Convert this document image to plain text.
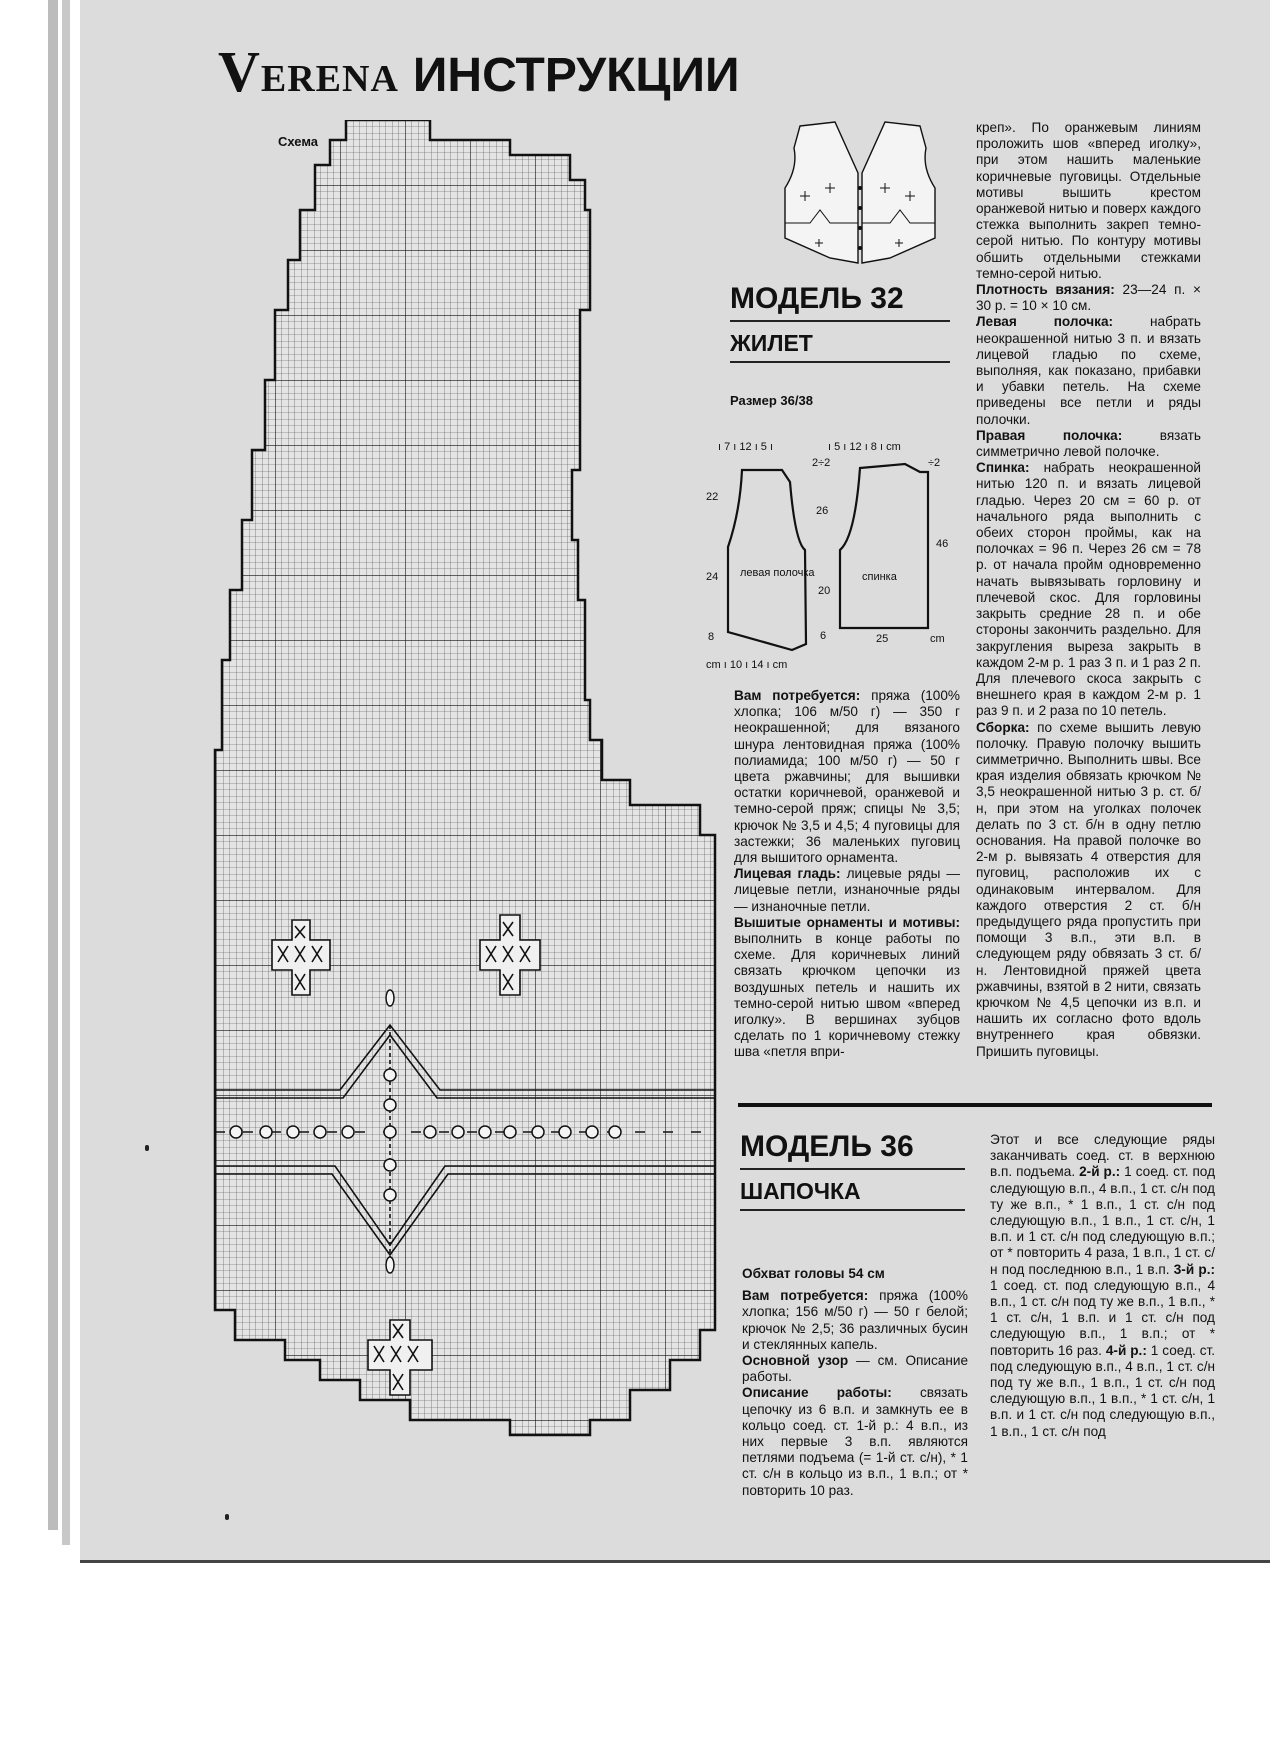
VERENA ИНСТРУКЦИИ
Схема
МОДЕЛЬ 32
ЖИЛЕТ
Размер 36/38
ı 7 ı 12 ı 5 ı	ı 5 ı 12 ı 8 ı cm
2÷2	÷2
22
24
8
26
20
6
46
25	cm
cm ı 10 ı 14 ı cm
левая полочка	спинка

Вам потребуется: пряжа (100% хлопка; 106 м/50 г) — 350 г неокрашенной; для вязаного шнура лентовидная пряжа (100% полиамида; 100 м/50 г) — 50 г цвета ржавчины; для вышивки остатки коричневой, оранжевой и темно-серой пряж; спицы № 3,5; крючок № 3,5 и 4,5; 4 пуговицы для застежки; 36 маленьких пуговиц для вышитого орнамента.

Лицевая гладь: лицевые ряды — лицевые петли, изнаночные ряды — изнаночные петли.

Вышитые орнаменты и мотивы: выполнить в конце работы по схеме. Для коричневых линий связать крючком цепочки из воздушных петель и нашить их темно-серой нитью швом «вперед иголку». В вершинах зубцов сделать по 1 коричневому стежку шва «петля впри-

креп». По оранжевым линиям проложить шов «вперед иголку», при этом нашить маленькие коричневые пуговицы. Отдельные мотивы вышить крестом оранжевой нитью и поверх каждого стежка выполнить закреп темно-серой нитью. По контуру мотивы обшить отдельными стежками темно-серой нитью.

Плотность вязания: 23—24 п. × 30 р. = 10 × 10 см.

Левая полочка: набрать неокрашенной нитью 3 п. и вязать лицевой гладью по схеме, выполняя, как показано, прибавки и убавки петель. На схеме приведены все петли и ряды полочки.

Правая полочка: вязать симметрично левой полочке.

Спинка: набрать неокрашенной нитью 120 п. и вязать лицевой гладью. Через 20 см = 60 р. от начального ряда выполнить с обеих сторон проймы, как на полочках = 96 п. Через 26 см = 78 р. от начала пройм одновременно начать вывязывать горловину и плечевой скос. Для горловины закрыть средние 28 п. и обе стороны закончить раздельно. Для закругления выреза закрыть в каждом 2-м р. 1 раз 3 п. и 1 раз 2 п. Для плечевого скоса закрыть с внешнего края в каждом 2-м р. 1 раз 9 п. и 2 раза по 10 петель.

Сборка: по схеме вышить левую полочку. Правую полочку вышить симметрично. Выполнить швы. Все края изделия обвязать крючком № 3,5 неокрашенной нитью 3 р. ст. б/н, при этом на уголках полочек делать по 3 ст. б/н в одну петлю основания. На правой полочке во 2-м р. вывязать 4 отверстия для пуговиц, расположив их с одинаковым интервалом. Для каждого отверстия 2 ст. б/н предыдущего ряда пропустить при помощи 3 в.п., эти в.п. в следующем ряду обвязать 3 ст. б/н. Лентовидной пряжей цвета ржавчины, взятой в 2 нити, связать крючком № 4,5 цепочки из в.п. и нашить их согласно фото вдоль внутреннего края обвязки. Пришить пуговицы.

МОДЕЛЬ 36
ШАПОЧКА

Обхват головы 54 см

Вам потребуется: пряжа (100% хлопка; 156 м/50 г) — 50 г белой; крючок № 2,5; 36 различных бусин и стеклянных капель.

Основной узор — см. Описание работы.

Описание работы: связать цепочку из 6 в.п. и замкнуть ее в кольцо соед. ст. 1-й р.: 4 в.п., из них первые 3 в.п. являются петлями подъема (= 1-й ст. с/н), * 1 ст. с/н в кольцо из в.п., 1 в.п.; от * повторить 10 раз.

Этот и все следующие ряды заканчивать соед. ст. в верхнюю в.п. подъема. 2-й р.: 1 соед. ст. под следующую в.п., 4 в.п., 1 ст. с/н под ту же в.п., * 1 в.п., 1 ст. с/н под следующую в.п., 1 в.п., 1 ст. с/н, 1 в.п. и 1 ст. с/н под следующую в.п.; от * повторить 4 раза, 1 в.п., 1 ст. с/н под последнюю в.п., 1 в.п. 3-й р.: 1 соед. ст. под следующую в.п., 4 в.п., 1 ст. с/н под ту же в.п., 1 в.п., * 1 ст. с/н, 1 в.п. и 1 ст. с/н под следующую в.п., 1 в.п.; от * повторить 16 раз. 4-й р.: 1 соед. ст. под следующую в.п., 4 в.п., 1 ст. с/н под ту же в.п., 1 в.п., 1 ст. с/н под следующую в.п., 1 в.п., * 1 ст. с/н, 1 в.п. и 1 ст. с/н под следующую в.п., 1 в.п., 1 ст. с/н под
